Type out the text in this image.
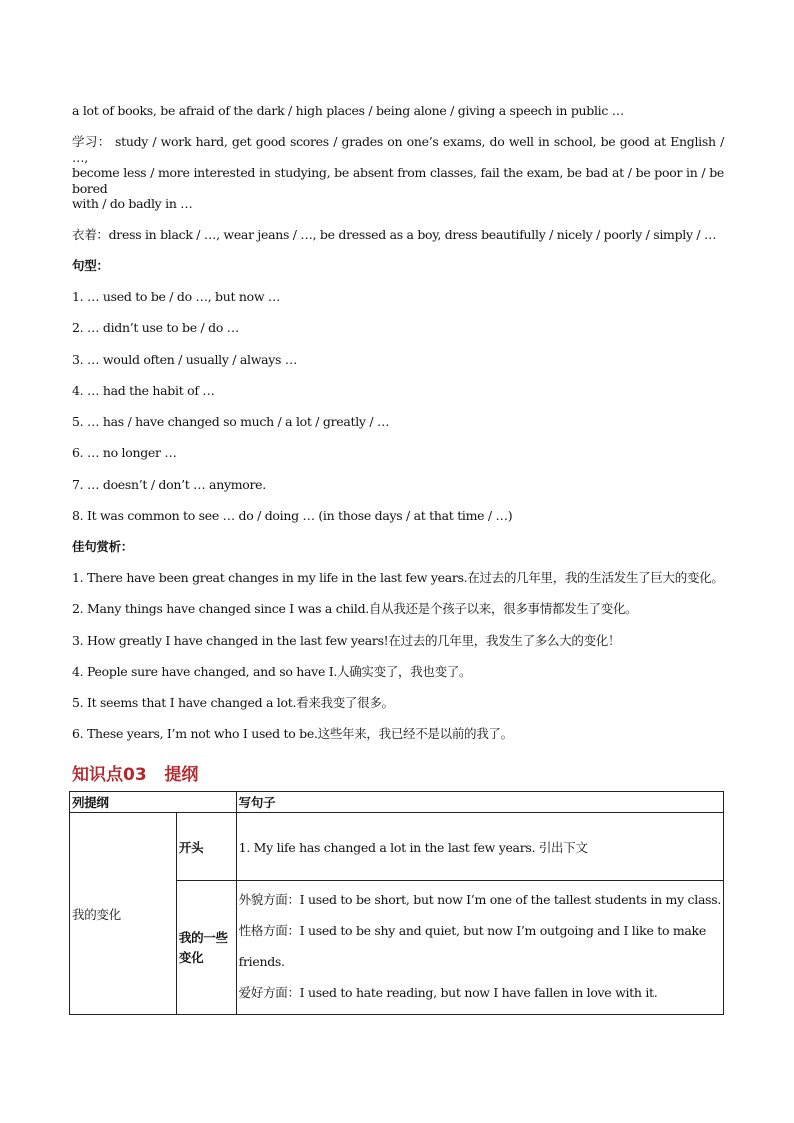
a lot of books, be afraid of the dark / high places / being alone / giving a speech in public …
学习： study / work hard, get good scores / grades on one’s exams, do well in school, be good at English / …,
become less / more interested in studying, be absent from classes, fail the exam, be bad at / be poor in / be bored
with / do badly in …
衣着：dress in black / …, wear jeans / …, be dressed as a boy, dress beautifully / nicely / poorly / simply / …
句型：
1. … used to be / do …, but now …
2. … didn’t use to be / do …
3. … would often / usually / always …
4. … had the habit of …
5. … has / have changed so much / a lot / greatly / …
6. … no longer …
7. … doesn’t / don’t … anymore.
8. It was common to see … do / doing … (in those days / at that time / …)
佳句赏析：
1. There have been great changes in my life in the last few years.在过去的几年里，我的生活发生了巨大的变化。
2. Many things have changed since I was a child.自从我还是个孩子以来，很多事情都发生了变化。
3. How greatly I have changed in the last few years!在过去的几年里，我发生了多么大的变化！
4. People sure have changed, and so have I.人确实变了，我也变了。
5. It seems that I have changed a lot.看来我变了很多。
6. These years, I’m not who I used to be.这些年来，我已经不是以前的我了。
知识点03 提纲
列提纲		写句子
我的变化	开头	1. My life has changed a lot in the last few years. 引出下文

	我的一些变化	外貌方面：I used to be short, but now I’m one of the tallest students in my class.
性格方面：I used to be shy and quiet, but now I’m outgoing and I like to make
friends.
爱好方面：I used to hate reading, but now I have fallen in love with it.
